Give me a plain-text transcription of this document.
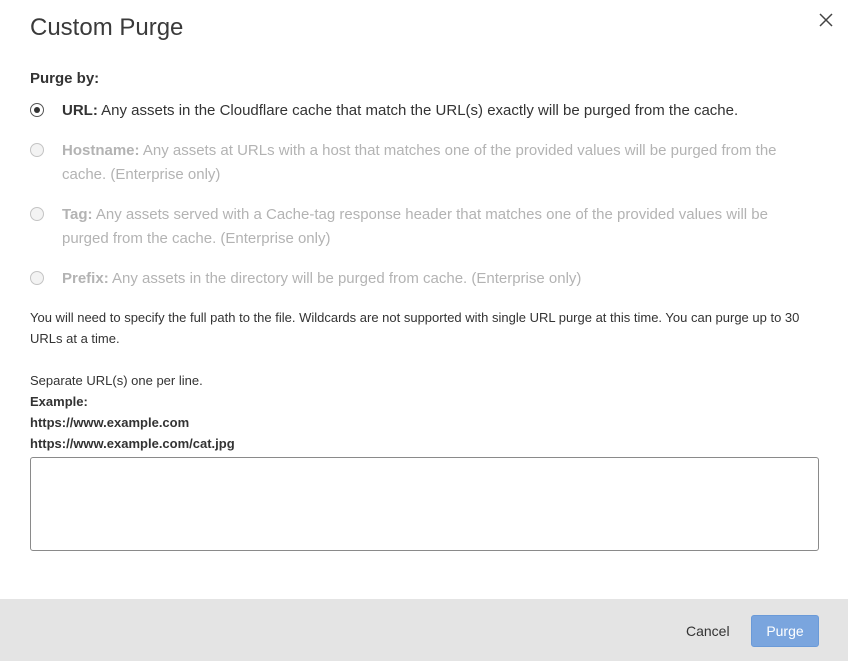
Custom Purge
Purge by:
URL: Any assets in the Cloudflare cache that match the URL(s) exactly will be purged from the cache.
Hostname: Any assets at URLs with a host that matches one of the provided values will be purged from the cache. (Enterprise only)
Tag: Any assets served with a Cache-tag response header that matches one of the provided values will be purged from the cache. (Enterprise only)
Prefix: Any assets in the directory will be purged from cache. (Enterprise only)
You will need to specify the full path to the file. Wildcards are not supported with single URL purge at this time. You can purge up to 30 URLs at a time.
Separate URL(s) one per line.
Example:
https://www.example.com
https://www.example.com/cat.jpg
Cancel	Purge
